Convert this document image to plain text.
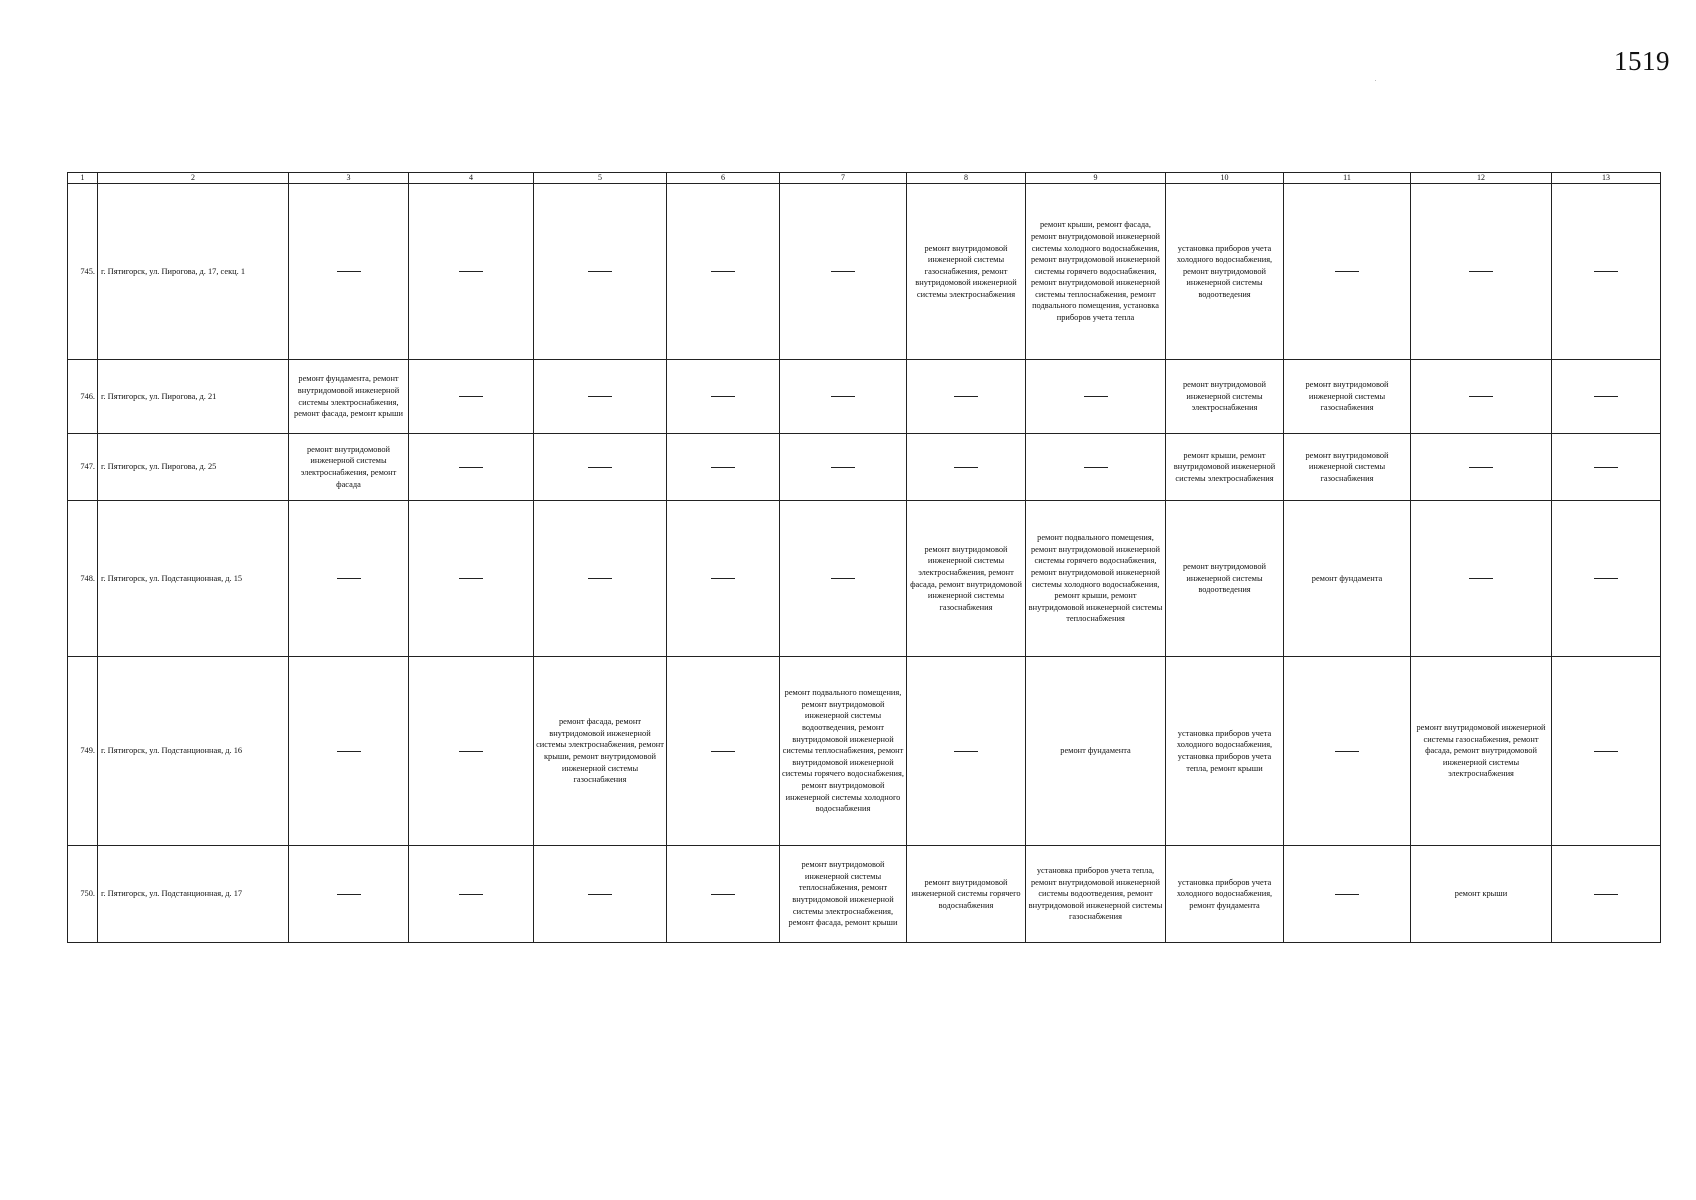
1519
1	2	3	4	5	6	7	8	9	10	11	12	13
745.	г. Пятигорск, ул. Пирогова, д. 17, секц. 1						ремонт внутридомовой инженерной системы газоснабжения, ремонт внутридомовой инженерной системы электроснабжения	ремонт крыши, ремонт фасада, ремонт внутридомовой инженерной системы холодного водоснабжения, ремонт внутридомовой инженерной системы горячего водоснабжения, ремонт внутридомовой инженерной системы теплоснабжения, ремонт подвального помещения, установка приборов учета тепла	установка приборов учета холодного водоснабжения, ремонт внутридомовой инженерной системы водоотведения			
746.	г. Пятигорск, ул. Пирогова, д. 21	ремонт фундамента, ремонт внутридомовой инженерной системы электроснабжения, ремонт фасада, ремонт крыши							ремонт внутридомовой инженерной системы электроснабжения	ремонт внутридомовой инженерной системы газоснабжения		
747.	г. Пятигорск, ул. Пирогова, д. 25	ремонт внутридомовой инженерной системы электроснабжения, ремонт фасада							ремонт крыши, ремонт внутридомовой инженерной системы электроснабжения	ремонт внутридомовой инженерной системы газоснабжения		
748.	г. Пятигорск, ул. Подстанционная, д. 15						ремонт внутридомовой инженерной системы электроснабжения, ремонт фасада, ремонт внутридомовой инженерной системы газоснабжения	ремонт подвального помещения, ремонт внутридомовой инженерной системы горячего водоснабжения, ремонт внутридомовой инженерной системы холодного водоснабжения, ремонт крыши, ремонт внутридомовой инженерной системы теплоснабжения	ремонт внутридомовой инженерной системы водоотведения	ремонт фундамента		
749.	г. Пятигорск, ул. Подстанционная, д. 16			ремонт фасада, ремонт внутридомовой инженерной системы электроснабжения, ремонт крыши, ремонт внутридомовой инженерной системы газоснабжения		ремонт подвального помещения, ремонт внутридомовой инженерной системы водоотведения, ремонт внутридомовой инженерной системы теплоснабжения, ремонт внутридомовой инженерной системы горячего водоснабжения, ремонт внутридомовой инженерной системы холодного водоснабжения		ремонт фундамента	установка приборов учета холодного водоснабжения, установка приборов учета тепла, ремонт крыши		ремонт внутридомовой инженерной системы газоснабжения, ремонт фасада, ремонт внутридомовой инженерной системы электроснабжения	
750.	г. Пятигорск, ул. Подстанционная, д. 17					ремонт внутридомовой инженерной системы теплоснабжения, ремонт внутридомовой инженерной системы электроснабжения, ремонт фасада, ремонт крыши	ремонт внутридомовой инженерной системы горячего водоснабжения	установка приборов учета тепла, ремонт внутридомовой инженерной системы водоотведения, ремонт внутридомовой инженерной системы газоснабжения	установка приборов учета холодного водоснабжения, ремонт фундамента		ремонт крыши	
